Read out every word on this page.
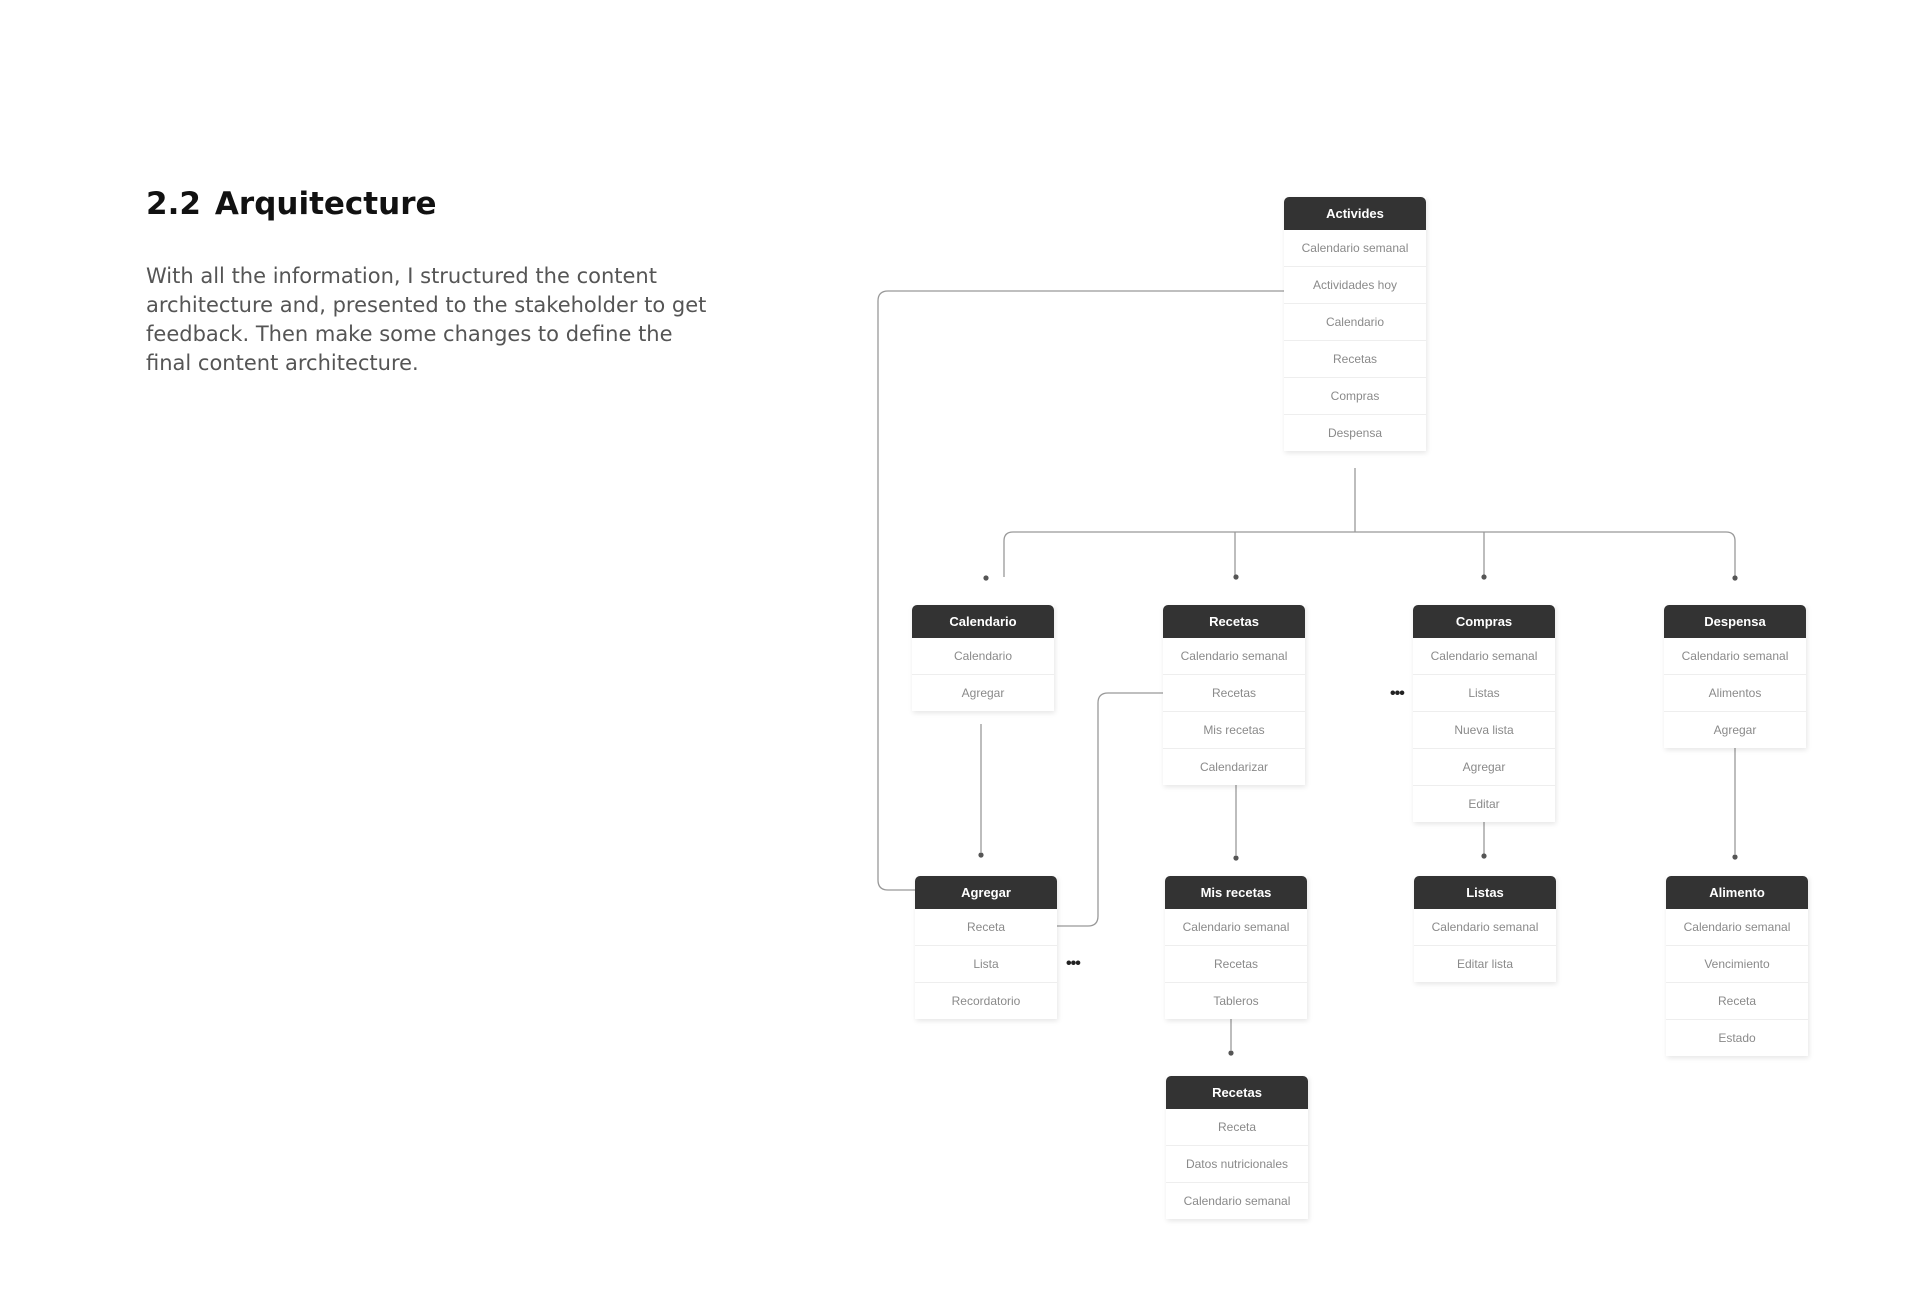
2.2 Arquitecture

With all the information, I structured the content architecture and, presented to the stakeholder to get feedback. Then make some changes to define the final content architecture.

Activides
Calendario semanal
Actividades hoy
Calendario
Recetas
Compras
Despensa
Calendario
Calendario
Agregar
Recetas
Calendario semanal
Recetas
Mis recetas
Calendarizar
Compras
Calendario semanal
Listas
Nueva lista
Agregar
Editar
Despensa
Calendario semanal
Alimentos
Agregar
Agregar
Receta
Lista
Recordatorio
Mis recetas
Calendario semanal
Recetas
Tableros
Listas
Calendario semanal
Editar lista
Alimento
Calendario semanal
Vencimiento
Receta
Estado
Recetas
Receta
Datos nutricionales
Calendario semanal
•••
•••
